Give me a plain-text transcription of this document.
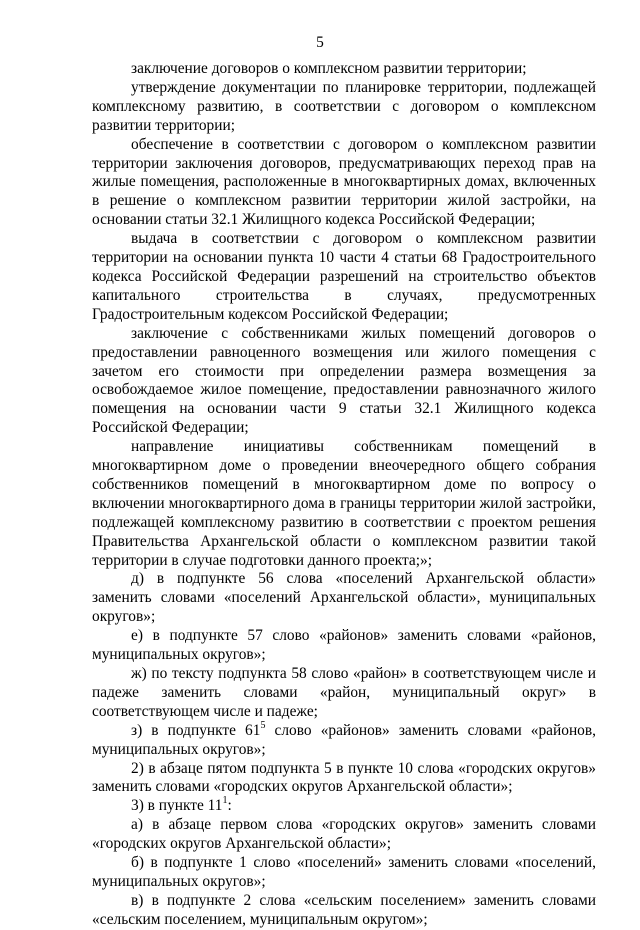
5

заключение договоров о комплексном развитии территории;

утверждение документации по планировке территории, подлежащей комплексному развитию, в соответствии с договором о комплексном развитии территории;

обеспечение в соответствии с договором о комплексном развитии территории заключения договоров, предусматривающих переход прав на жилые помещения, расположенные в многоквартирных домах, включенных в решение о комплексном развитии территории жилой застройки, на основании статьи 32.1 Жилищного кодекса Российской Федерации;

выдача в соответствии с договором о комплексном развитии территории на основании пункта 10 части 4 статьи 68 Градостроительного кодекса Российской Федерации разрешений на строительство объектов капитального строительства в случаях, предусмотренных Градостроительным кодексом Российской Федерации;

заключение с собственниками жилых помещений договоров о предоставлении равноценного возмещения или жилого помещения с зачетом его стоимости при определении размера возмещения за освобождаемое жилое помещение, предоставлении равнозначного жилого помещения на основании части 9 статьи 32.1 Жилищного кодекса Российской Федерации;

направление инициативы собственникам помещений в многоквартирном доме о проведении внеочередного общего собрания собственников помещений в многоквартирном доме по вопросу о включении многоквартирного дома в границы территории жилой застройки, подлежащей комплексному развитию в соответствии с проектом решения Правительства Архангельской области о комплексном развитии такой территории в случае подготовки данного проекта;»;

д) в подпункте 56 слова «поселений Архангельской области» заменить словами «поселений Архангельской области», муниципальных округов»;

е) в подпункте 57 слово «районов» заменить словами «районов, муниципальных округов»;

ж) по тексту подпункта 58 слово «район» в соответствующем числе и падеже заменить словами «район, муниципальный округ» в соответствующем числе и падеже;

з) в подпункте $61^5$ слово «районов» заменить словами «районов, муниципальных округов»;

2) в абзаце пятом подпункта 5 в пункте 10 слова «городских округов» заменить словами «городских округов Архангельской области»;

3) в пункте $11^1$:

а) в абзаце первом слова «городских округов» заменить словами «городских округов Архангельской области»;

б) в подпункте 1 слово «поселений» заменить словами «поселений, муниципальных округов»;

в) в подпункте 2 слова «сельским поселением» заменить словами «сельским поселением, муниципальным округом»;
